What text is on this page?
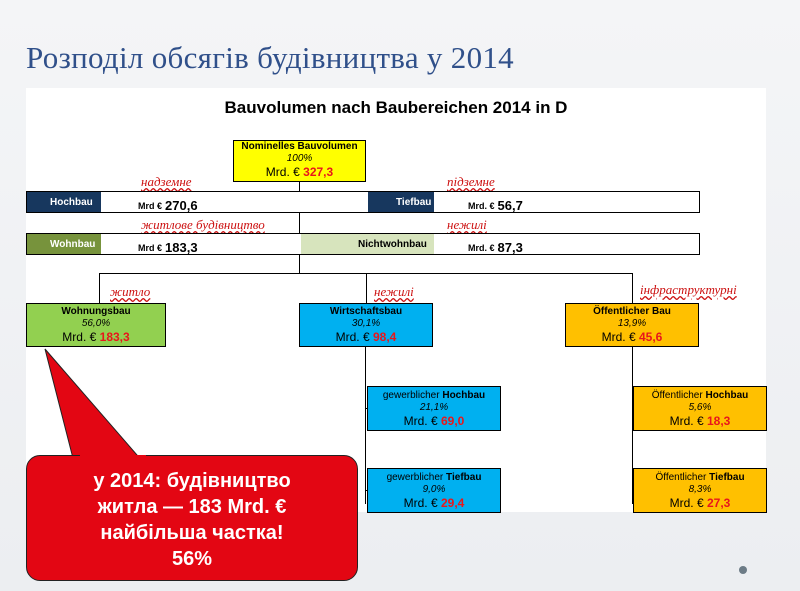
Розподіл обсягів будівництва у 2014
Bauvolumen nach Baubereichen 2014 in D
Nominelles Bauvolumen
100%
Mrd. € 327,3
надземне	підземне
Hochbau	Mrd € 270,6	Tiefbau	Mrd. € 56,7
житлове будівництво	нежилі
Wohnbau	Mrd € 183,3	Nichtwohnbau	Mrd. € 87,3
житло	нежилі	інфраструктурні
Wohnungsbau
56,0%
Mrd. € 183,3
Wirtschaftsbau
30,1%
Mrd. € 98,4
Öffentlicher Bau
13,9%
Mrd. € 45,6
gewerblicher Hochbau
21,1%
Mrd. € 69,0
gewerblicher Tiefbau
9,0%
Mrd. € 29,4
Öffentlicher Hochbau
5,6%
Mrd. € 18,3
Öffentlicher Tiefbau
8,3%
Mrd. € 27,3
у 2014: будівництво
житла — 183 Mrd. €
найбільша частка!
56%
